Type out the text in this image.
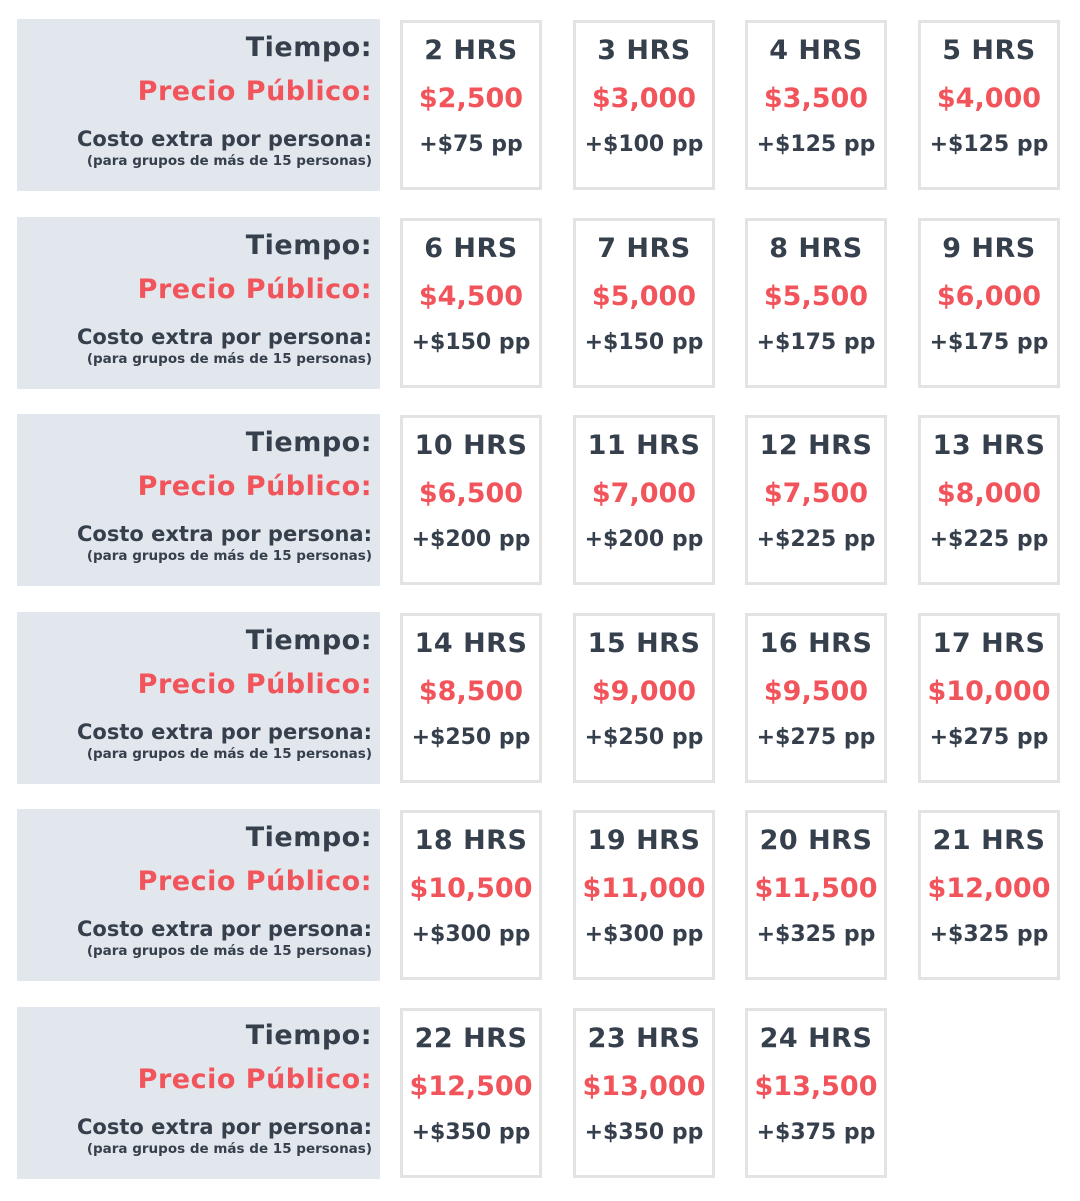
Tiempo:
Precio Público:
Costo extra por persona:
(para grupos de más de 15 personas)
2 HRS
$2,500
+$75 pp
3 HRS
$3,000
+$100 pp
4 HRS
$3,500
+$125 pp
5 HRS
$4,000
+$125 pp
Tiempo:
Precio Público:
Costo extra por persona:
(para grupos de más de 15 personas)
6 HRS
$4,500
+$150 pp
7 HRS
$5,000
+$150 pp
8 HRS
$5,500
+$175 pp
9 HRS
$6,000
+$175 pp
Tiempo:
Precio Público:
Costo extra por persona:
(para grupos de más de 15 personas)
10 HRS
$6,500
+$200 pp
11 HRS
$7,000
+$200 pp
12 HRS
$7,500
+$225 pp
13 HRS
$8,000
+$225 pp
Tiempo:
Precio Público:
Costo extra por persona:
(para grupos de más de 15 personas)
14 HRS
$8,500
+$250 pp
15 HRS
$9,000
+$250 pp
16 HRS
$9,500
+$275 pp
17 HRS
$10,000
+$275 pp
Tiempo:
Precio Público:
Costo extra por persona:
(para grupos de más de 15 personas)
18 HRS
$10,500
+$300 pp
19 HRS
$11,000
+$300 pp
20 HRS
$11,500
+$325 pp
21 HRS
$12,000
+$325 pp
Tiempo:
Precio Público:
Costo extra por persona:
(para grupos de más de 15 personas)
22 HRS
$12,500
+$350 pp
23 HRS
$13,000
+$350 pp
24 HRS
$13,500
+$375 pp
